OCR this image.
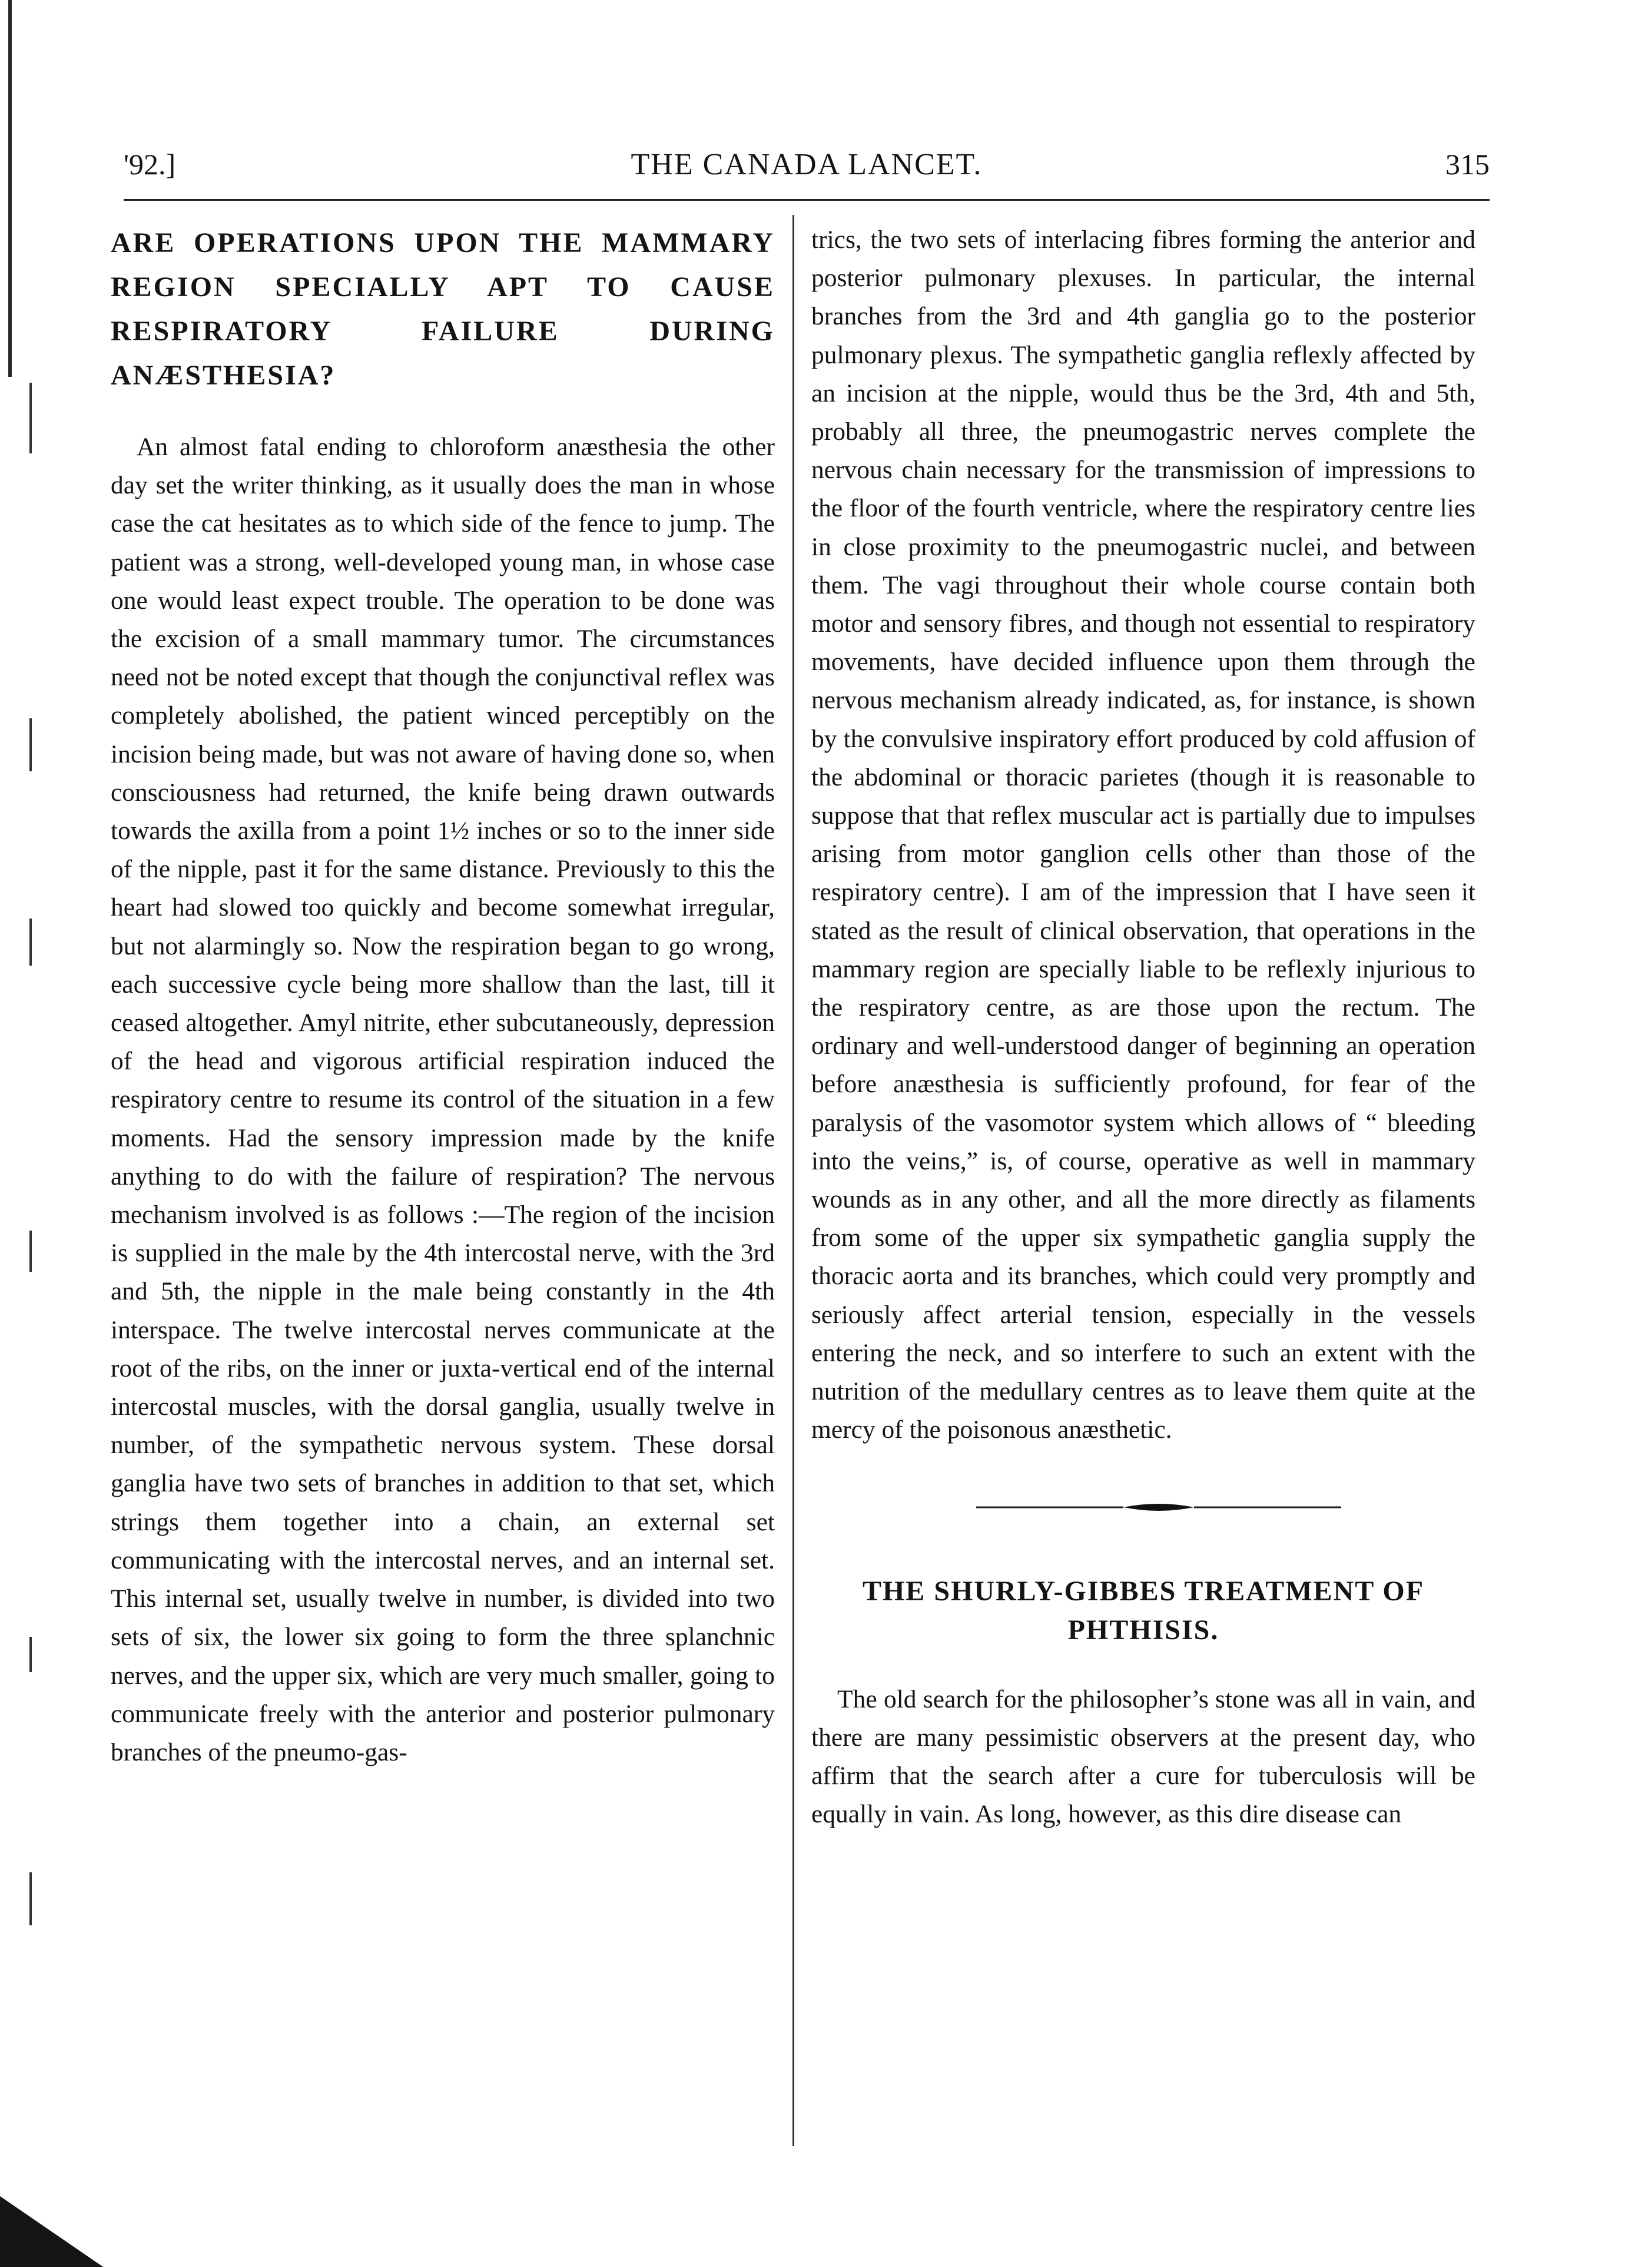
'92.]	THE CANADA LANCET.	315
ARE OPERATIONS UPON THE MAMMARY REGION SPECIALLY APT TO CAUSE RESPIRATORY FAILURE DURING ANÆSTHESIA?

An almost fatal ending to chloroform anæsthesia the other day set the writer thinking, as it usually does the man in whose case the cat hesitates as to which side of the fence to jump. The patient was a strong, well-developed young man, in whose case one would least expect trouble. The operation to be done was the excision of a small mammary tumor. The circumstances need not be noted except that though the conjunctival reflex was completely abolished, the patient winced perceptibly on the incision being made, but was not aware of having done so, when consciousness had returned, the knife being drawn outwards towards the axilla from a point 1½ inches or so to the inner side of the nipple, past it for the same distance. Previously to this the heart had slowed too quickly and become somewhat irregular, but not alarmingly so. Now the respiration began to go wrong, each successive cycle being more shallow than the last, till it ceased altogether. Amyl nitrite, ether subcutaneously, depression of the head and vigorous artificial respiration induced the respiratory centre to resume its control of the situation in a few moments. Had the sensory impression made by the knife anything to do with the failure of respiration? The nervous mechanism involved is as follows :—The region of the incision is supplied in the male by the 4th intercostal nerve, with the 3rd and 5th, the nipple in the male being constantly in the 4th interspace. The twelve intercostal nerves communicate at the root of the ribs, on the inner or juxta-vertical end of the internal intercostal muscles, with the dorsal ganglia, usually twelve in number, of the sympathetic nervous system. These dorsal ganglia have two sets of branches in addition to that set, which strings them together into a chain, an external set communicating with the intercostal nerves, and an internal set. This internal set, usually twelve in number, is divided into two sets of six, the lower six going to form the three splanchnic nerves, and the upper six, which are very much smaller, going to communicate freely with the anterior and posterior pulmonary branches of the pneumo-gas-

trics, the two sets of interlacing fibres forming the anterior and posterior pulmonary plexuses. In particular, the internal branches from the 3rd and 4th ganglia go to the posterior pulmonary plexus. The sympathetic ganglia reflexly affected by an incision at the nipple, would thus be the 3rd, 4th and 5th, probably all three, the pneumogastric nerves complete the nervous chain necessary for the transmission of impressions to the floor of the fourth ventricle, where the respiratory centre lies in close proximity to the pneumogastric nuclei, and between them. The vagi throughout their whole course contain both motor and sensory fibres, and though not essential to respiratory movements, have decided influence upon them through the nervous mechanism already indicated, as, for instance, is shown by the convulsive inspiratory effort produced by cold affusion of the abdominal or thoracic parietes (though it is reasonable to suppose that that reflex muscular act is partially due to impulses arising from motor ganglion cells other than those of the respiratory centre). I am of the impression that I have seen it stated as the result of clinical observation, that operations in the mammary region are specially liable to be reflexly injurious to the respiratory centre, as are those upon the rectum. The ordinary and well-understood danger of beginning an operation before anæsthesia is sufficiently profound, for fear of the paralysis of the vasomotor system which allows of “ bleeding into the veins,” is, of course, operative as well in mammary wounds as in any other, and all the more directly as filaments from some of the upper six sympathetic ganglia supply the thoracic aorta and its branches, which could very promptly and seriously affect arterial tension, especially in the vessels entering the neck, and so interfere to such an extent with the nutrition of the medullary centres as to leave them quite at the mercy of the poisonous anæsthetic.

THE SHURLY-GIBBES TREATMENT OF PHTHISIS.

The old search for the philosopher’s stone was all in vain, and there are many pessimistic observers at the present day, who affirm that the search after a cure for tuberculosis will be equally in vain. As long, however, as this dire disease can
